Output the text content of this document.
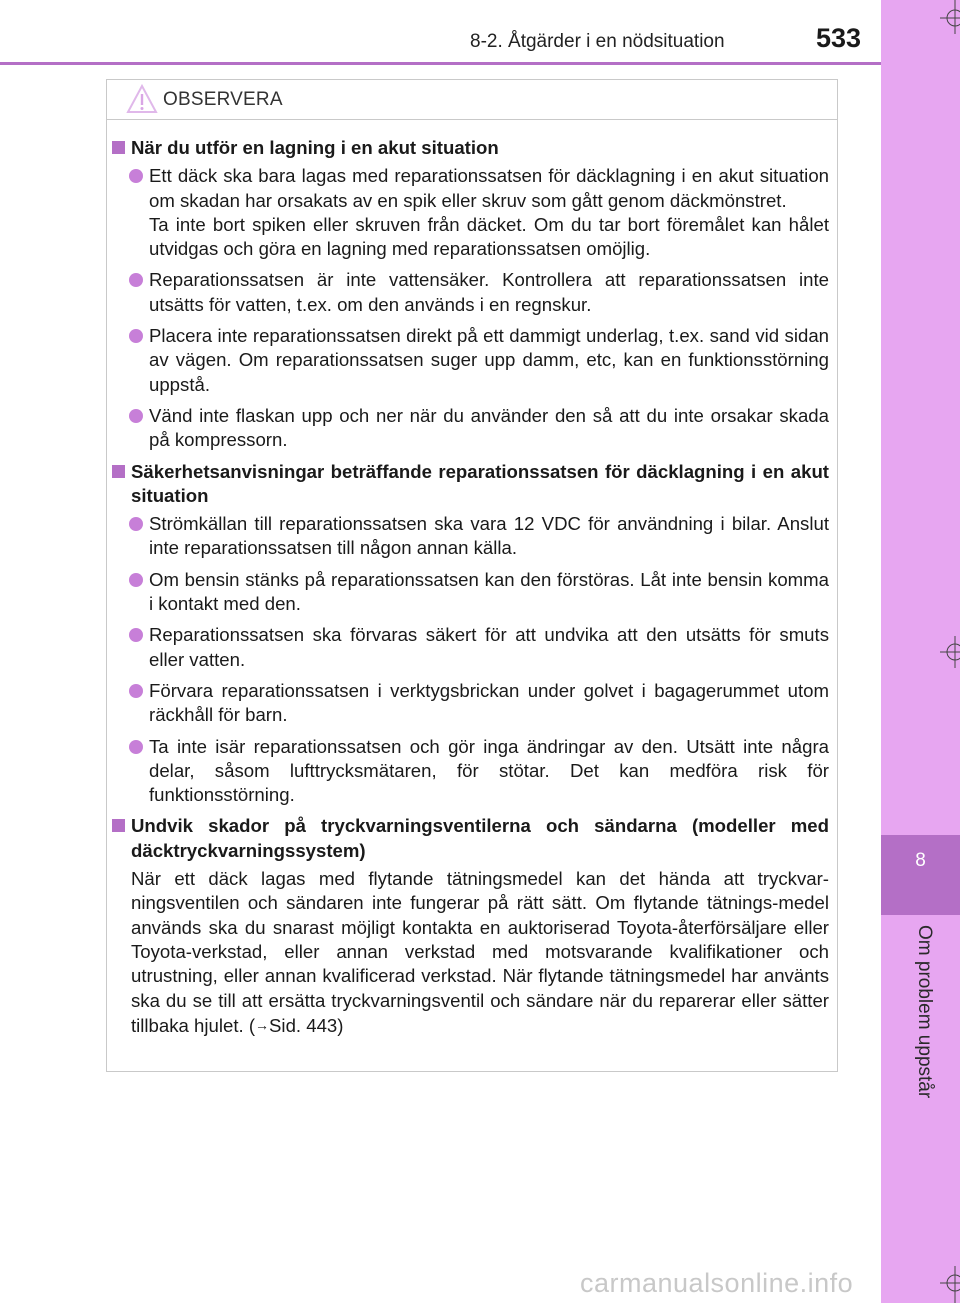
8
Om problem uppstår
8-2. Åtgärder i en nödsituation	533
OBSERVERA
När du utför en lagning i en akut situation
Ett däck ska bara lagas med reparationssatsen för däcklagning i en akut situation om skadan har orsakats av en spik eller skruv som gått genom däckmönstret.
Ta inte bort spiken eller skruven från däcket. Om du tar bort föremålet kan hålet utvidgas och göra en lagning med reparationssatsen omöjlig.
Reparationssatsen är inte vattensäker. Kontrollera att reparationssatsen inte utsätts för vatten, t.ex. om den används i en regnskur.
Placera inte reparationssatsen direkt på ett dammigt underlag, t.ex. sand vid sidan av vägen. Om reparationssatsen suger upp damm, etc, kan en funktionsstörning uppstå.
Vänd inte flaskan upp och ner när du använder den så att du inte orsakar skada på kompressorn.
Säkerhetsanvisningar beträffande reparationssatsen för däcklagning i en akut situation
Strömkällan till reparationssatsen ska vara 12 VDC för användning i bilar. Anslut inte reparationssatsen till någon annan källa.
Om bensin stänks på reparationssatsen kan den förstöras. Låt inte bensin komma i kontakt med den.
Reparationssatsen ska förvaras säkert för att undvika att den utsätts för smuts eller vatten.
Förvara reparationssatsen i verktygsbrickan under golvet i bagagerummet utom räckhåll för barn.
Ta inte isär reparationssatsen och gör inga ändringar av den. Utsätt inte några delar, såsom lufttrycksmätaren, för stötar. Det kan medföra risk för funktionsstörning.
Undvik skador på tryckvarningsventilerna och sändarna (modeller med däcktryckvarningssystem)
När ett däck lagas med flytande tätningsmedel kan det hända att tryckvar-ningsventilen och sändaren inte fungerar på rätt sätt. Om flytande tätnings-medel används ska du snarast möjligt kontakta en auktoriserad Toyota-återförsäljare eller Toyota-verkstad, eller annan verkstad med motsvarande kvalifikationer och utrustning, eller annan kvalificerad verkstad. När flytande tätningsmedel har använts ska du se till att ersätta tryckvarningsventil och sändare när du reparerar eller sätter tillbaka hjulet. (→Sid. 443)
carmanualsonline.info
